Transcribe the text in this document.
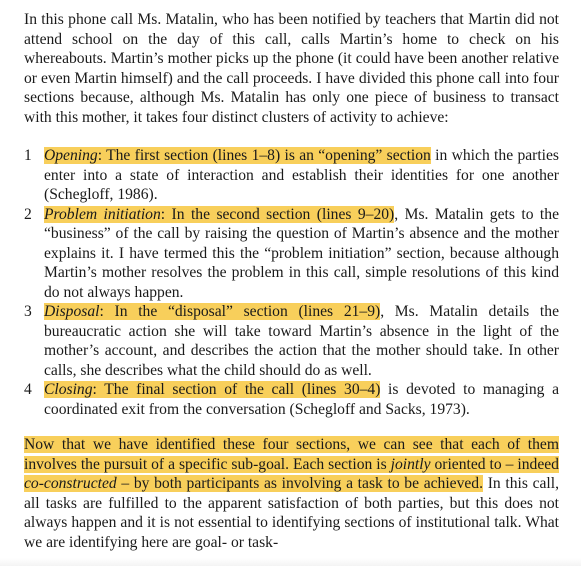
In this phone call Ms. Matalin, who has been notified by teachers that Martin did not attend school on the day of this call, calls Martin’s home to check on his whereabouts. Martin’s mother picks up the phone (it could have been another relative or even Martin himself) and the call proceeds. I have divided this phone call into four sections because, although Ms. Matalin has only one piece of business to transact with this mother, it takes four distinct clusters of activity to achieve:

1 Opening: The first section (lines 1–8) is an “opening” section in which the parties enter into a state of interaction and establish their identities for one another (Schegloff, 1986).
2 Problem initiation: In the second section (lines 9–20), Ms. Matalin gets to the “business” of the call by raising the question of Martin’s absence and the mother explains it. I have termed this the “problem initiation” section, because although Martin’s mother resolves the problem in this call, simple resolutions of this kind do not always happen.
3 Disposal: In the “disposal” section (lines 21–9), Ms. Matalin details the bureaucratic action she will take toward Martin’s absence in the light of the mother’s account, and describes the action that the mother should take. In other calls, she describes what the child should do as well.
4 Closing: The final section of the call (lines 30–4) is devoted to managing a coordinated exit from the conversation (Schegloff and Sacks, 1973).

Now that we have identified these four sections, we can see that each of them involves the pursuit of a specific sub-goal. Each section is jointly oriented to – indeed co-constructed – by both participants as involving a task to be achieved. In this call, all tasks are fulfilled to the apparent satisfaction of both parties, but this does not always happen and it is not essential to identifying sections of institutional talk. What we are identifying here are goal- or task-
